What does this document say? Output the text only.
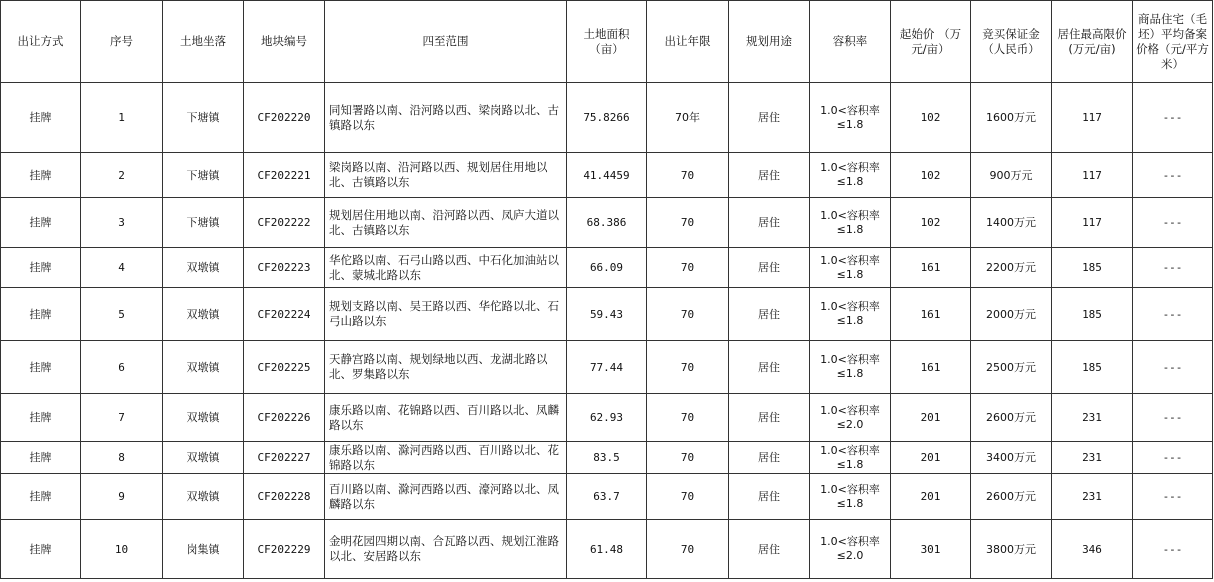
出让方式	序号	土地坐落	地块编号	四至范围	土地面积（亩）	出让年限	规划用途	容积率	起始价 （万元/亩）	竞买保证金（人民币）	居住最高限价(万元/亩)	商品住宅（毛坯）平均备案价格（元/平方米）
挂牌	1	下塘镇	CF202220	同知署路以南、沿河路以西、梁岗路以北、古镇路以东	75.8266	70年	居住	1.0<容积率≤1.8	102	1600万元	117	---
挂牌	2	下塘镇	CF202221	梁岗路以南、沿河路以西、规划居住用地以北、古镇路以东	41.4459	70	居住	1.0<容积率≤1.8	102	900万元	117	---
挂牌	3	下塘镇	CF202222	规划居住用地以南、沿河路以西、凤庐大道以北、古镇路以东	68.386	70	居住	1.0<容积率≤1.8	102	1400万元	117	---
挂牌	4	双墩镇	CF202223	华佗路以南、石弓山路以西、中石化加油站以北、蒙城北路以东	66.09	70	居住	1.0<容积率≤1.8	161	2200万元	185	---
挂牌	5	双墩镇	CF202224	规划支路以南、吴王路以西、华佗路以北、石弓山路以东	59.43	70	居住	1.0<容积率≤1.8	161	2000万元	185	---
挂牌	6	双墩镇	CF202225	天静宫路以南、规划绿地以西、龙湖北路以北、罗集路以东	77.44	70	居住	1.0<容积率≤1.8	161	2500万元	185	---
挂牌	7	双墩镇	CF202226	康乐路以南、花锦路以西、百川路以北、凤麟路以东	62.93	70	居住	1.0<容积率≤2.0	201	2600万元	231	---
挂牌	8	双墩镇	CF202227	康乐路以南、滁河西路以西、百川路以北、花锦路以东	83.5	70	居住	1.0<容积率≤1.8	201	3400万元	231	---
挂牌	9	双墩镇	CF202228	百川路以南、滁河西路以西、濠河路以北、凤麟路以东	63.7	70	居住	1.0<容积率≤1.8	201	2600万元	231	---
挂牌	10	岗集镇	CF202229	金明花园四期以南、合瓦路以西、规划江淮路以北、安居路以东	61.48	70	居住	1.0<容积率≤2.0	301	3800万元	346	---
